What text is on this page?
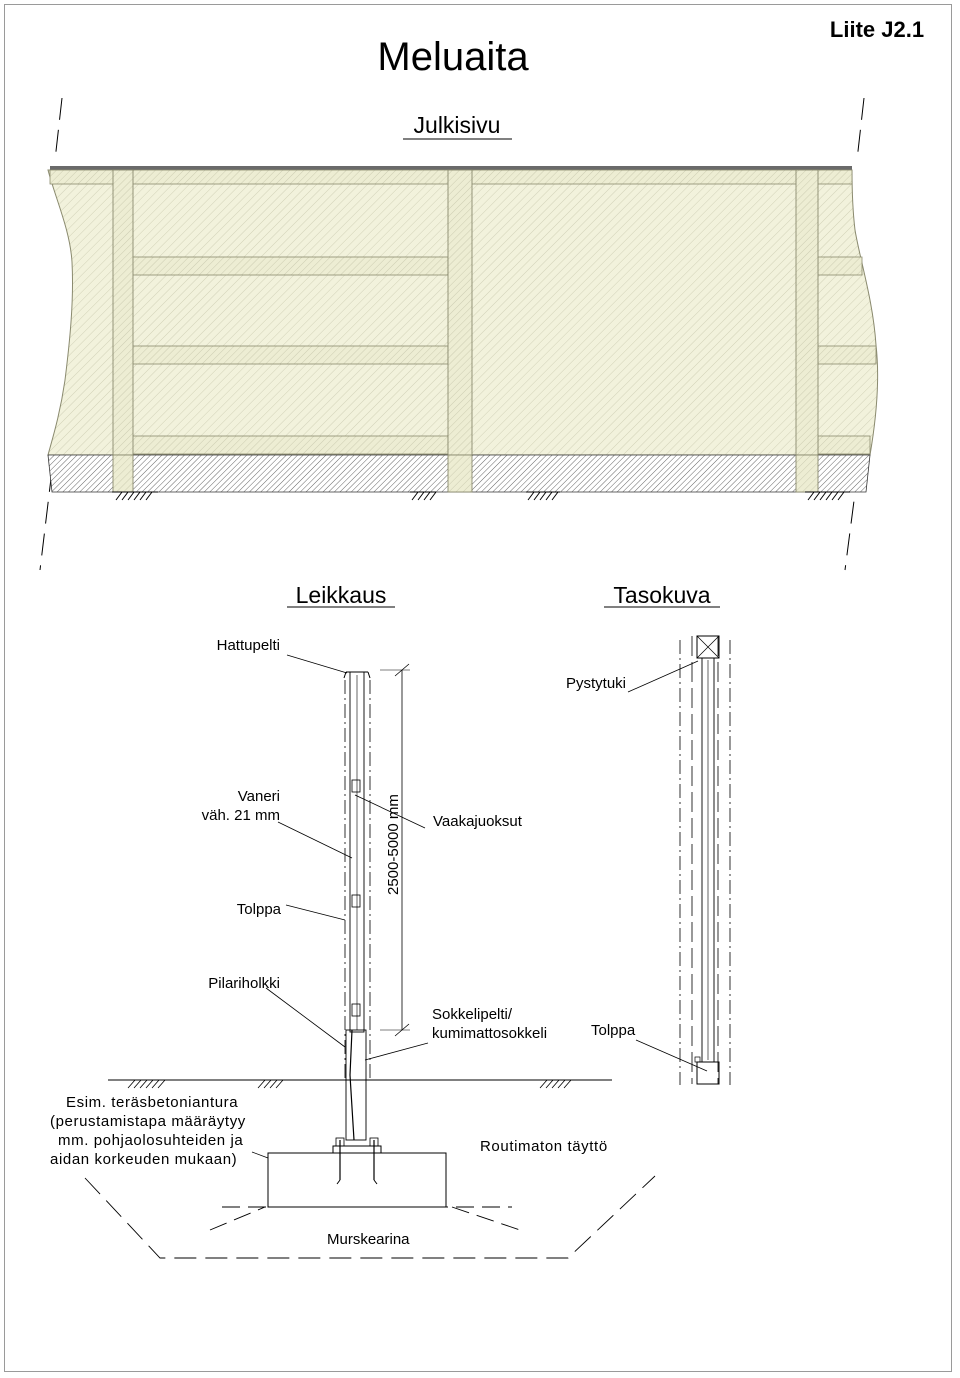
Meluaita
Liite J2.1
Julkisivu
Leikkaus	Tasokuva
Hattupelti
Pystytuki
Vaneri
väh. 21 mm	Vaakajuoksut
2500-5000 mm
Tolppa
Pilariholkki
Sokkelipelti/
kumimattosokkeli	Tolppa
Esim. teräsbetoniantura
(perustamistapa määräytyy
mm. pohjaolosuhteiden ja
aidan korkeuden mukaan)
Routimaton täyttö
Murskearina
